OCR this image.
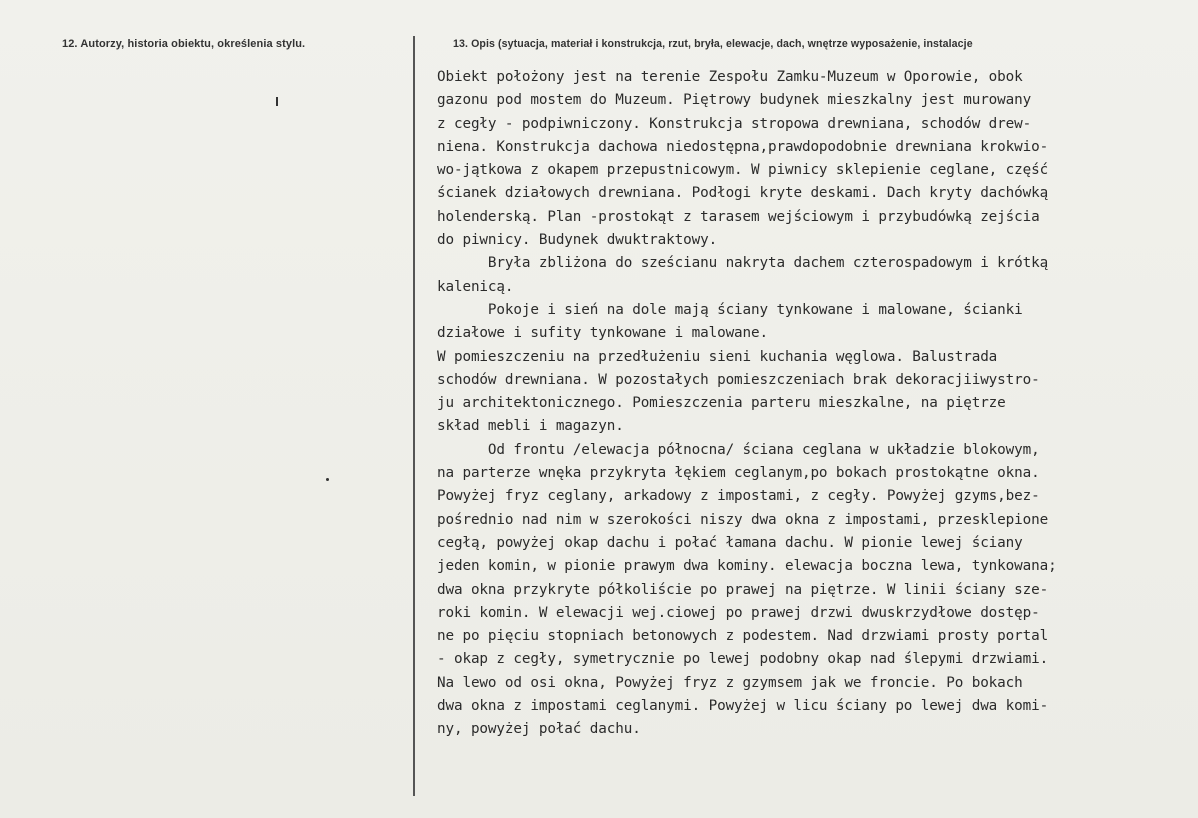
12. Autorzy, historia obiektu, określenia stylu.	13. Opis (sytuacja, materiał i konstrukcja, rzut, bryła, elewacje, dach, wnętrze wyposażenie, instalacje
Obiekt położony jest na terenie Zespołu Zamku-Muzeum w Oporowie, obok
gazonu pod mostem do Muzeum. Piętrowy budynek mieszkalny jest murowany
z cegły - podpiwniczony. Konstrukcja stropowa drewniana, schodów drew-
niena. Konstrukcja dachowa niedostępna,prawdopodobnie drewniana krokwio-
wo-jątkowa z okapem przepustnicowym. W piwnicy sklepienie ceglane, część
ścianek działowych drewniana. Podłogi kryte deskami. Dach kryty dachówką
holenderską. Plan -prostokąt z tarasem wejściowym i przybudówką zejścia
do piwnicy. Budynek dwuktraktowy.
Bryła zbliżona do sześcianu nakryta dachem czterospadowym i krótką
kalenicą.
Pokoje i sień na dole mają ściany tynkowane i malowane, ścianki
działowe i sufity tynkowane i malowane.
W pomieszczeniu na przedłużeniu sieni kuchania węglowa. Balustrada
schodów drewniana. W pozostałych pomieszczeniach brak dekoracjiiwystro-
ju architektonicznego. Pomieszczenia parteru mieszkalne, na piętrze
skład mebli i magazyn.
Od frontu /elewacja północna/ ściana ceglana w układzie blokowym,
na parterze wnęka przykryta łękiem ceglanym,po bokach prostokątne okna.
Powyżej fryz ceglany, arkadowy z impostami, z cegły. Powyżej gzyms,bez-
pośrednio nad nim w szerokości niszy dwa okna z impostami, przesklepione
cegłą, powyżej okap dachu i połać łamana dachu. W pionie lewej ściany
jeden komin, w pionie prawym dwa kominy. elewacja boczna lewa, tynkowana;
dwa okna przykryte półkoliście po prawej na piętrze. W linii ściany sze-
roki komin. W elewacji wej.ciowej po prawej drzwi dwuskrzydłowe dostęp-
ne po pięciu stopniach betonowych z podestem. Nad drzwiami prosty portal
- okap z cegły, symetrycznie po lewej podobny okap nad ślepymi drzwiami.
Na lewo od osi okna, Powyżej fryz z gzymsem jak we froncie. Po bokach
dwa okna z impostami ceglanymi. Powyżej w licu ściany po lewej dwa komi-
ny, powyżej połać dachu.
